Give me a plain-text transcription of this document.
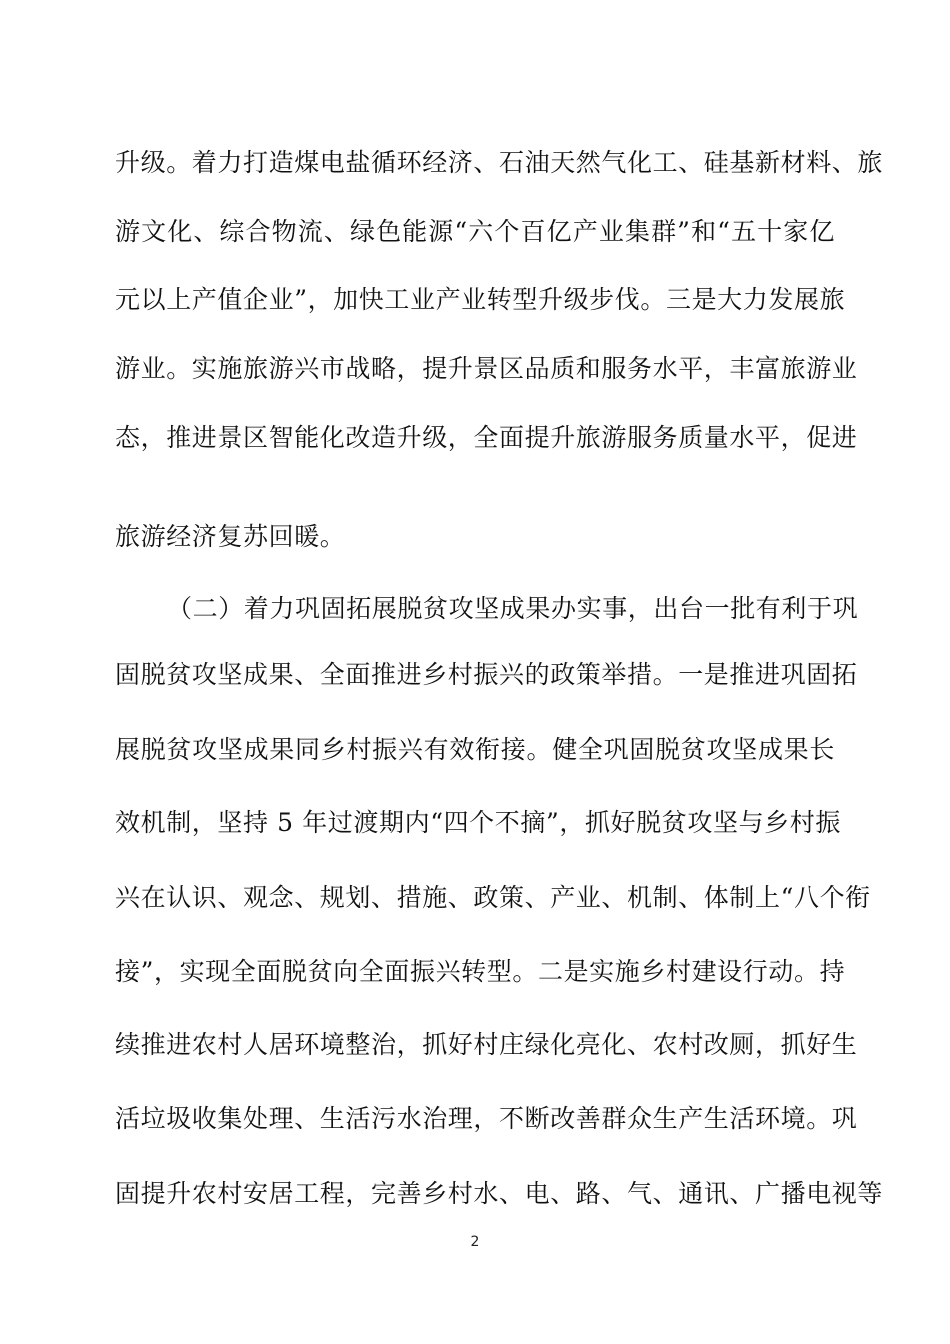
升级。着力打造煤电盐循环经济、石油天然气化工、硅基新材料、旅
游文化、综合物流、绿色能源“六个百亿产业集群”和“五十家亿
元以上产值企业”，加快工业产业转型升级步伐。三是大力发展旅
游业。实施旅游兴市战略，提升景区品质和服务水平，丰富旅游业
态，推进景区智能化改造升级，全面提升旅游服务质量水平，促进
旅游经济复苏回暖。
（二）着力巩固拓展脱贫攻坚成果办实事，出台一批有利于巩
固脱贫攻坚成果、全面推进乡村振兴的政策举措。一是推进巩固拓
展脱贫攻坚成果同乡村振兴有效衔接。健全巩固脱贫攻坚成果长
效机制，坚持 5 年过渡期内“四个不摘”，抓好脱贫攻坚与乡村振
兴在认识、观念、规划、措施、政策、产业、机制、体制上“八个衔
接”，实现全面脱贫向全面振兴转型。二是实施乡村建设行动。持
续推进农村人居环境整治，抓好村庄绿化亮化、农村改厕，抓好生
活垃圾收集处理、生活污水治理，不断改善群众生产生活环境。巩
固提升农村安居工程，完善乡村水、电、路、气、通讯、广播电视等
2
